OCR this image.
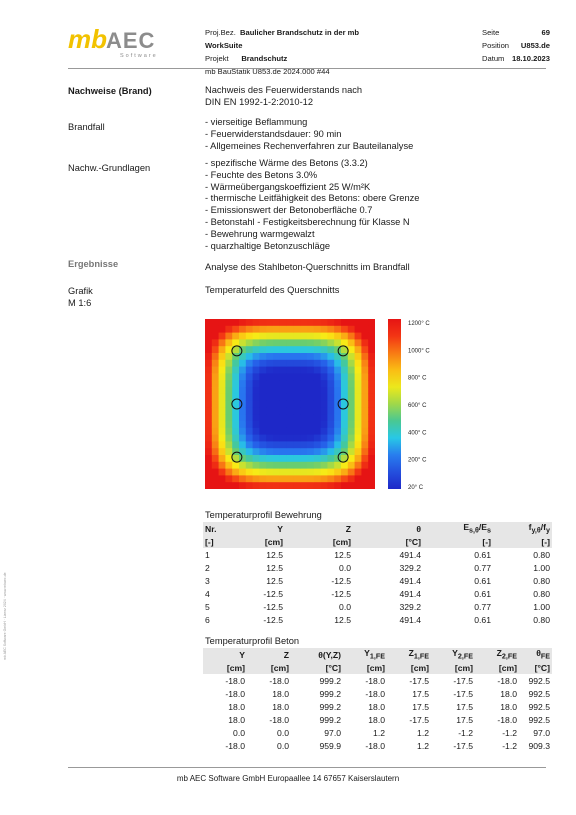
mb AEC
Software
Proj.Bez. Baulicher Brandschutz in der mb WorkSuite
Projekt Brandschutz
mb BauStatik U853.de 2024.000 #44
Seite	69
Position U853.de
Datum 18.10.2023
Nachweise (Brand)	Nachweis des Feuerwiderstands nach
DIN EN 1992-1-2:2010-12
Brandfall	- vierseitige Beflammung
- Feuerwiderstandsdauer: 90 min
- Allgemeines Rechenverfahren zur Bauteilanalyse
Nachw.-Grundlagen	- spezifische Wärme des Betons (3.3.2)
- Feuchte des Betons 3.0%
- Wärmeübergangskoeffizient 25 W/m²K
- thermische Leitfähigkeit des Betons: obere Grenze
- Emissionswert der Betonoberfläche 0.7
- Betonstahl - Festigkeitsberechnung für Klasse N
- Bewehrung warmgewalzt
- quarzhaltige Betonzuschläge
Ergebnisse	Analyse des Stahlbeton-Querschnitts im Brandfall
Grafik
M 1:6
Temperaturfeld des Querschnitts
1200° C
1000° C
800° C
600° C
400° C
200° C
20° C
Temperaturprofil Bewehrung
Nr.	Y	Z	θ	$E_{s,\theta}/E_s$	$f_{y,\theta}/f_y$
[-]	[cm]	[cm]	[°C]	[-]	[-]
1	12.5	12.5	491.4	0.61	0.80
2	12.5	0.0	329.2	0.77	1.00
3	12.5	-12.5	491.4	0.61	0.80
4	-12.5	-12.5	491.4	0.61	0.80
5	-12.5	0.0	329.2	0.77	1.00
6	-12.5	12.5	491.4	0.61	0.80
Temperaturprofil Beton
Y	Z	θ(Y,Z)	$Y_{1,FE}$	$Z_{1,FE}$	$Y_{2,FE}$	$Z_{2,FE}$	$\theta_{FE}$
[cm]	[cm]	[°C]	[cm]	[cm]	[cm]	[cm]	[°C]
-18.0	-18.0	999.2	-18.0	-17.5	-17.5	-18.0	992.5
-18.0	18.0	999.2	-18.0	17.5	-17.5	18.0	992.5
18.0	18.0	999.2	18.0	17.5	17.5	18.0	992.5
18.0	-18.0	999.2	18.0	-17.5	17.5	-18.0	992.5
0.0	0.0	97.0	1.2	1.2	-1.2	-1.2	97.0
-18.0	0.0	959.9	-18.0	1.2	-17.5	-1.2	909.3
mb AEC Software GmbH Europaallee 14 67657 Kaiserslautern
mb AEC Software GmbH · Lizenz 2024 · www.mbaec.de
